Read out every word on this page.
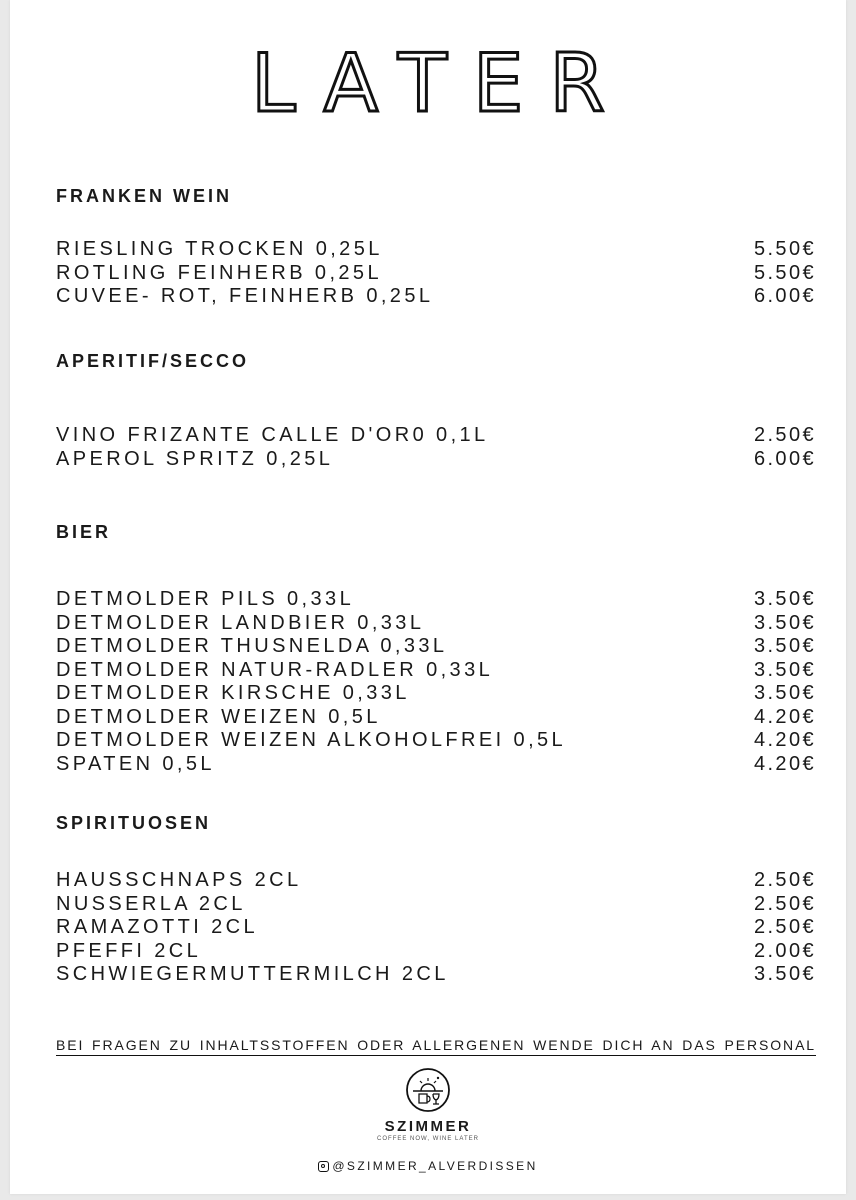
LATER
FRANKEN WEIN
RIESLING TROCKEN 0,25L	5.50€
ROTLING FEINHERB 0,25L	5.50€
CUVEE- ROT, FEINHERB 0,25L	6.00€
APERITIF/SECCO
VINO FRIZANTE CALLE D'OR0 0,1L	2.50€
APEROL SPRITZ 0,25L	6.00€
BIER
DETMOLDER PILS 0,33L	3.50€
DETMOLDER LANDBIER 0,33L	3.50€
DETMOLDER THUSNELDA 0,33L	3.50€
DETMOLDER NATUR-RADLER 0,33L	3.50€
DETMOLDER KIRSCHE 0,33L	3.50€
DETMOLDER WEIZEN 0,5L	4.20€
DETMOLDER WEIZEN ALKOHOLFREI 0,5L	4.20€
SPATEN 0,5L	4.20€
SPIRITUOSEN
HAUSSCHNAPS 2CL	2.50€
NUSSERLA 2CL	2.50€
RAMAZOTTI 2CL	2.50€
PFEFFI 2CL	2.00€
SCHWIEGERMUTTERMILCH 2CL	3.50€
BEI FRAGEN ZU INHALTSSTOFFEN ODER ALLERGENEN WENDE DICH AN DAS PERSONAL
SZIMMER
COFFEE NOW, WINE LATER
@SZIMMER_ALVERDISSEN
